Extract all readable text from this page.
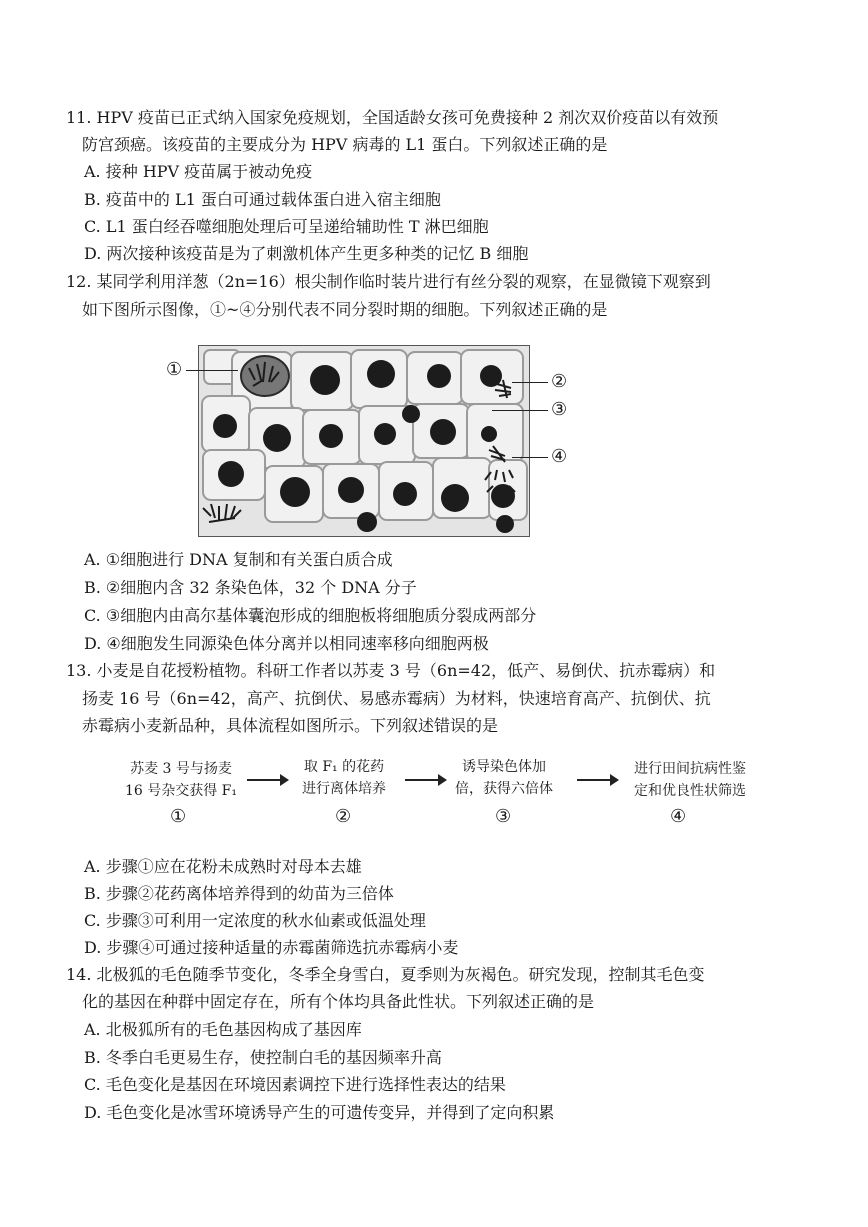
11. HPV 疫苗已正式纳入国家免疫规划，全国适龄女孩可免费接种 2 剂次双价疫苗以有效预
防宫颈癌。该疫苗的主要成分为 HPV 病毒的 L1 蛋白。下列叙述正确的是
A. 接种 HPV 疫苗属于被动免疫
B. 疫苗中的 L1 蛋白可通过载体蛋白进入宿主细胞
C. L1 蛋白经吞噬细胞处理后可呈递给辅助性 T 淋巴细胞
D. 两次接种该疫苗是为了刺激机体产生更多种类的记忆 B 细胞
12. 某同学利用洋葱（2n=16）根尖制作临时装片进行有丝分裂的观察，在显微镜下观察到
如下图所示图像，①~④分别代表不同分裂时期的细胞。下列叙述正确的是
①
②
③
④
A. ①细胞进行 DNA 复制和有关蛋白质合成
B. ②细胞内含 32 条染色体，32 个 DNA 分子
C. ③细胞内由高尔基体囊泡形成的细胞板将细胞质分裂成两部分
D. ④细胞发生同源染色体分离并以相同速率移向细胞两极
13. 小麦是自花授粉植物。科研工作者以苏麦 3 号（6n=42，低产、易倒伏、抗赤霉病）和
扬麦 16 号（6n=42，高产、抗倒伏、易感赤霉病）为材料，快速培育高产、抗倒伏、抗
赤霉病小麦新品种，具体流程如图所示。下列叙述错误的是
苏麦 3 号与扬麦
16 号杂交获得 F₁
取 F₁ 的花药
进行离体培养
诱导染色体加
倍，获得六倍体
进行田间抗病性鉴
定和优良性状筛选
①	②	③	④
A. 步骤①应在花粉未成熟时对母本去雄
B. 步骤②花药离体培养得到的幼苗为三倍体
C. 步骤③可利用一定浓度的秋水仙素或低温处理
D. 步骤④可通过接种适量的赤霉菌筛选抗赤霉病小麦
14. 北极狐的毛色随季节变化，冬季全身雪白，夏季则为灰褐色。研究发现，控制其毛色变
化的基因在种群中固定存在，所有个体均具备此性状。下列叙述正确的是
A. 北极狐所有的毛色基因构成了基因库
B. 冬季白毛更易生存，使控制白毛的基因频率升高
C. 毛色变化是基因在环境因素调控下进行选择性表达的结果
D. 毛色变化是冰雪环境诱导产生的可遗传变异，并得到了定向积累
